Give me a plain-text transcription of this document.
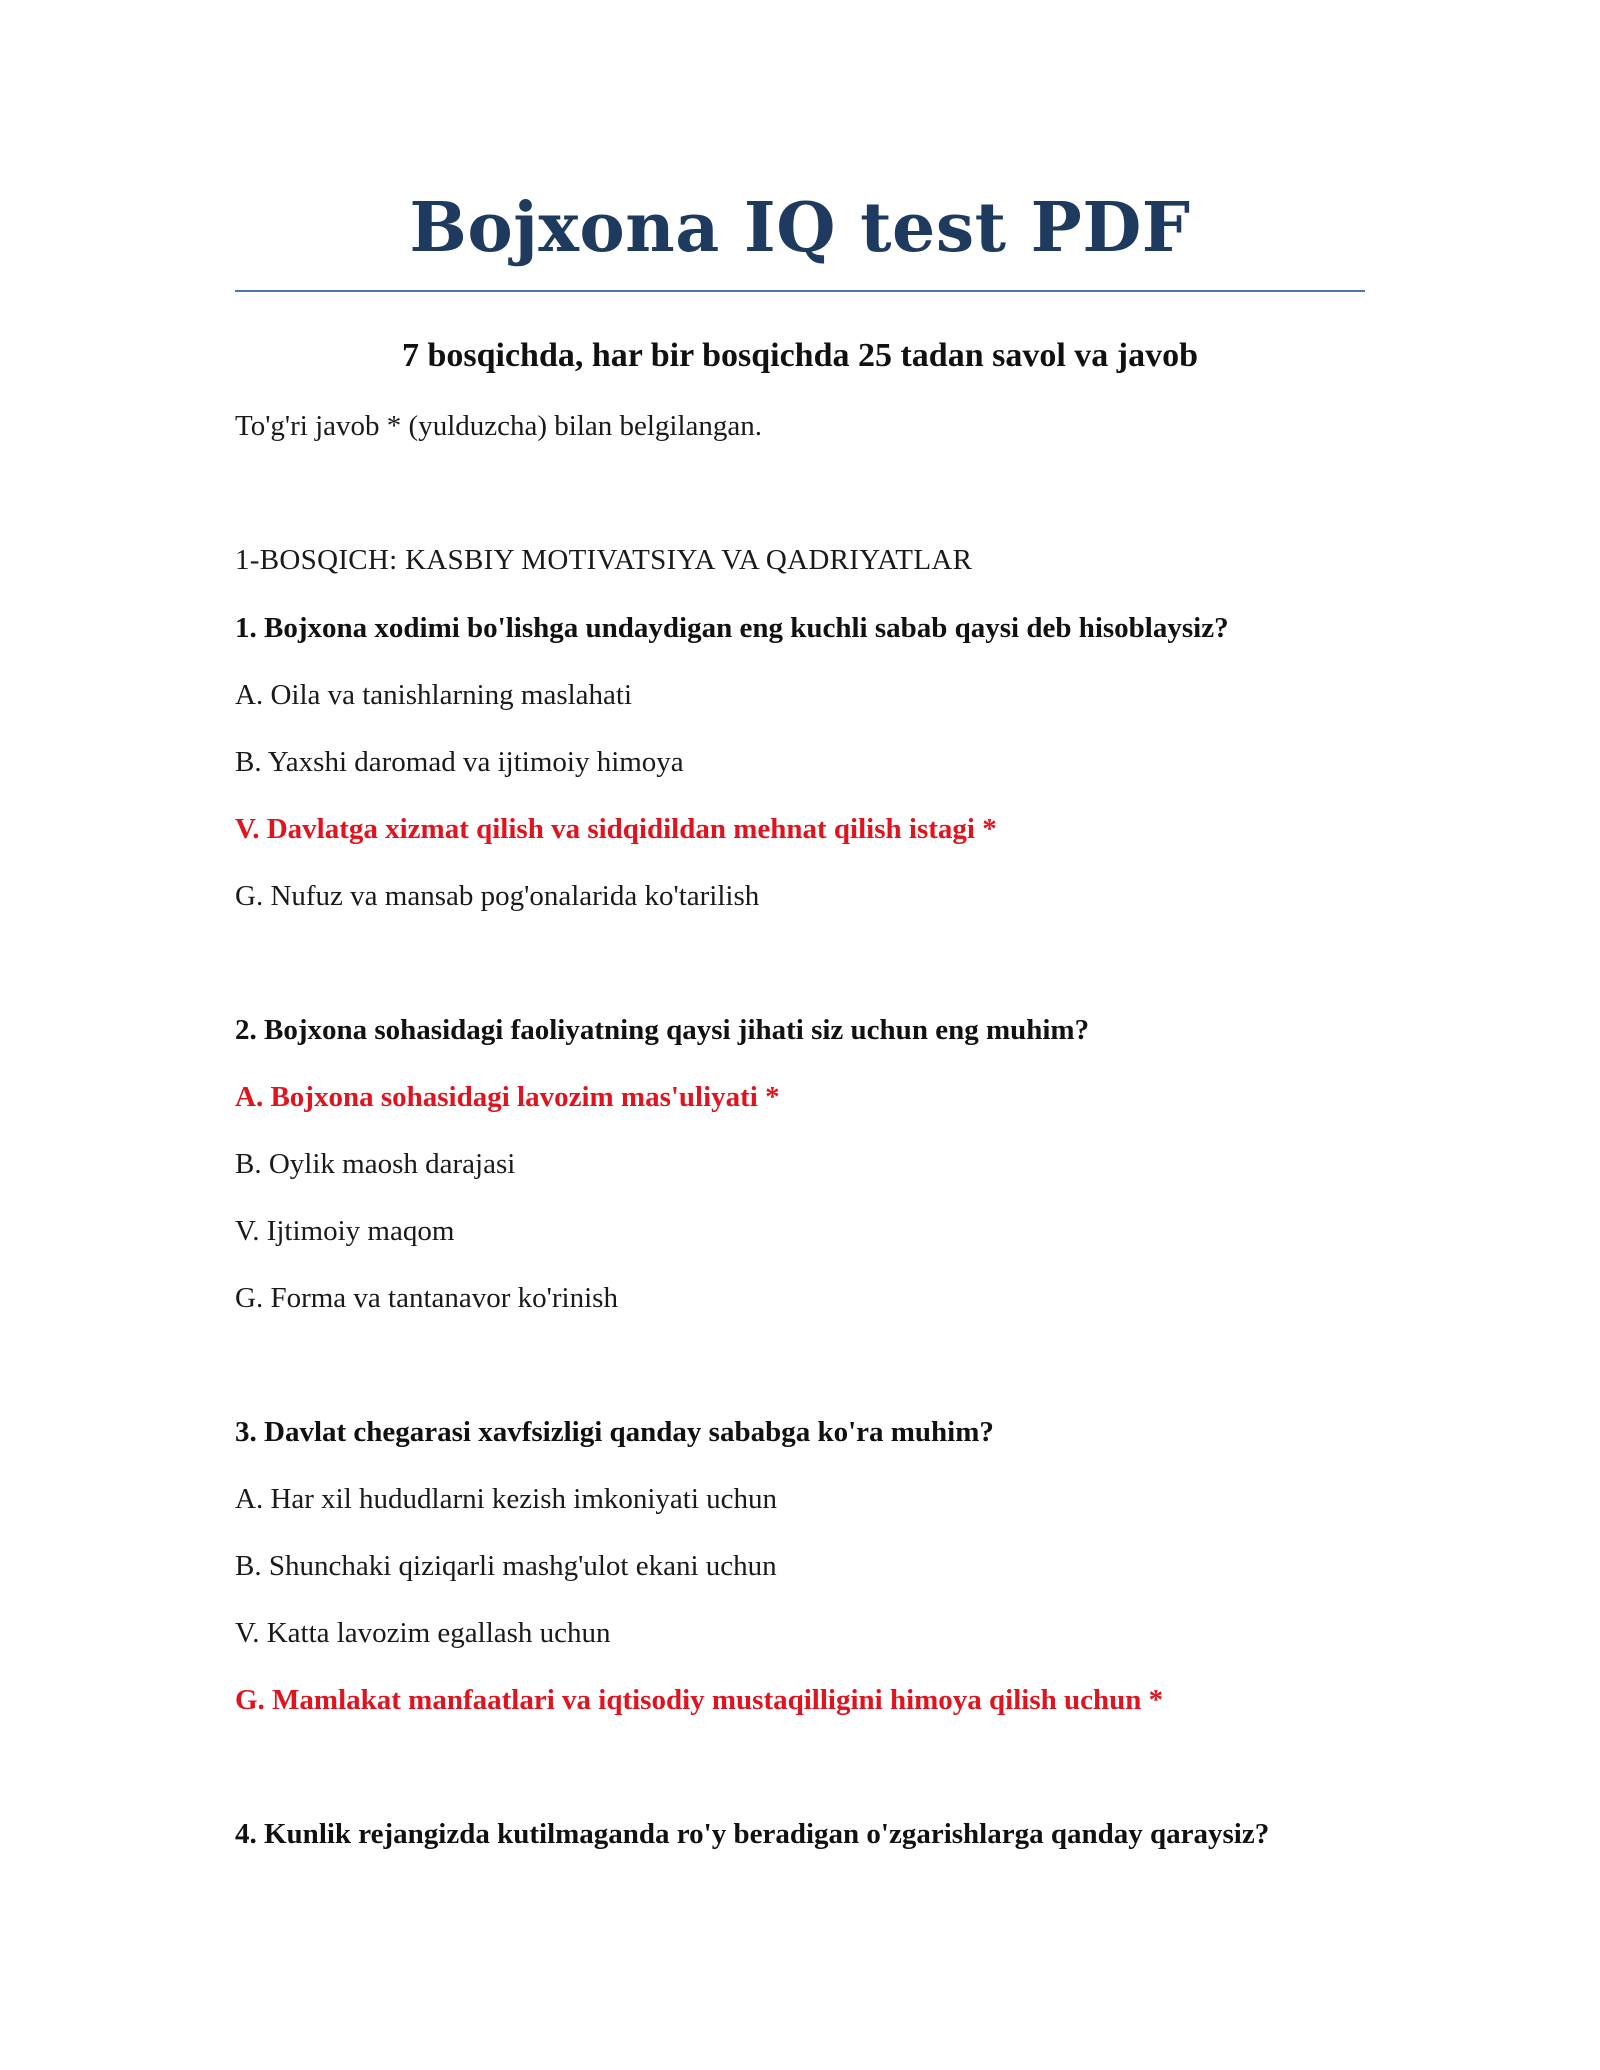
Bojxona IQ test PDF
7 bosqichda, har bir bosqichda 25 tadan savol va javob
To'g'ri javob * (yulduzcha) bilan belgilangan.
1-BOSQICH: KASBIY MOTIVATSIYA VA QADRIYATLAR
1. Bojxona xodimi bo'lishga undaydigan eng kuchli sabab qaysi deb hisoblaysiz?
A. Oila va tanishlarning maslahati
B. Yaxshi daromad va ijtimoiy himoya
V. Davlatga xizmat qilish va sidqidildan mehnat qilish istagi *
G. Nufuz va mansab pog'onalarida ko'tarilish
2. Bojxona sohasidagi faoliyatning qaysi jihati siz uchun eng muhim?
A. Bojxona sohasidagi lavozim mas'uliyati *
B. Oylik maosh darajasi
V. Ijtimoiy maqom
G. Forma va tantanavor ko'rinish
3. Davlat chegarasi xavfsizligi qanday sababga ko'ra muhim?
A. Har xil hududlarni kezish imkoniyati uchun
B. Shunchaki qiziqarli mashg'ulot ekani uchun
V. Katta lavozim egallash uchun
G. Mamlakat manfaatlari va iqtisodiy mustaqilligini himoya qilish uchun *
4. Kunlik rejangizda kutilmaganda ro'y beradigan o'zgarishlarga qanday qaraysiz?
